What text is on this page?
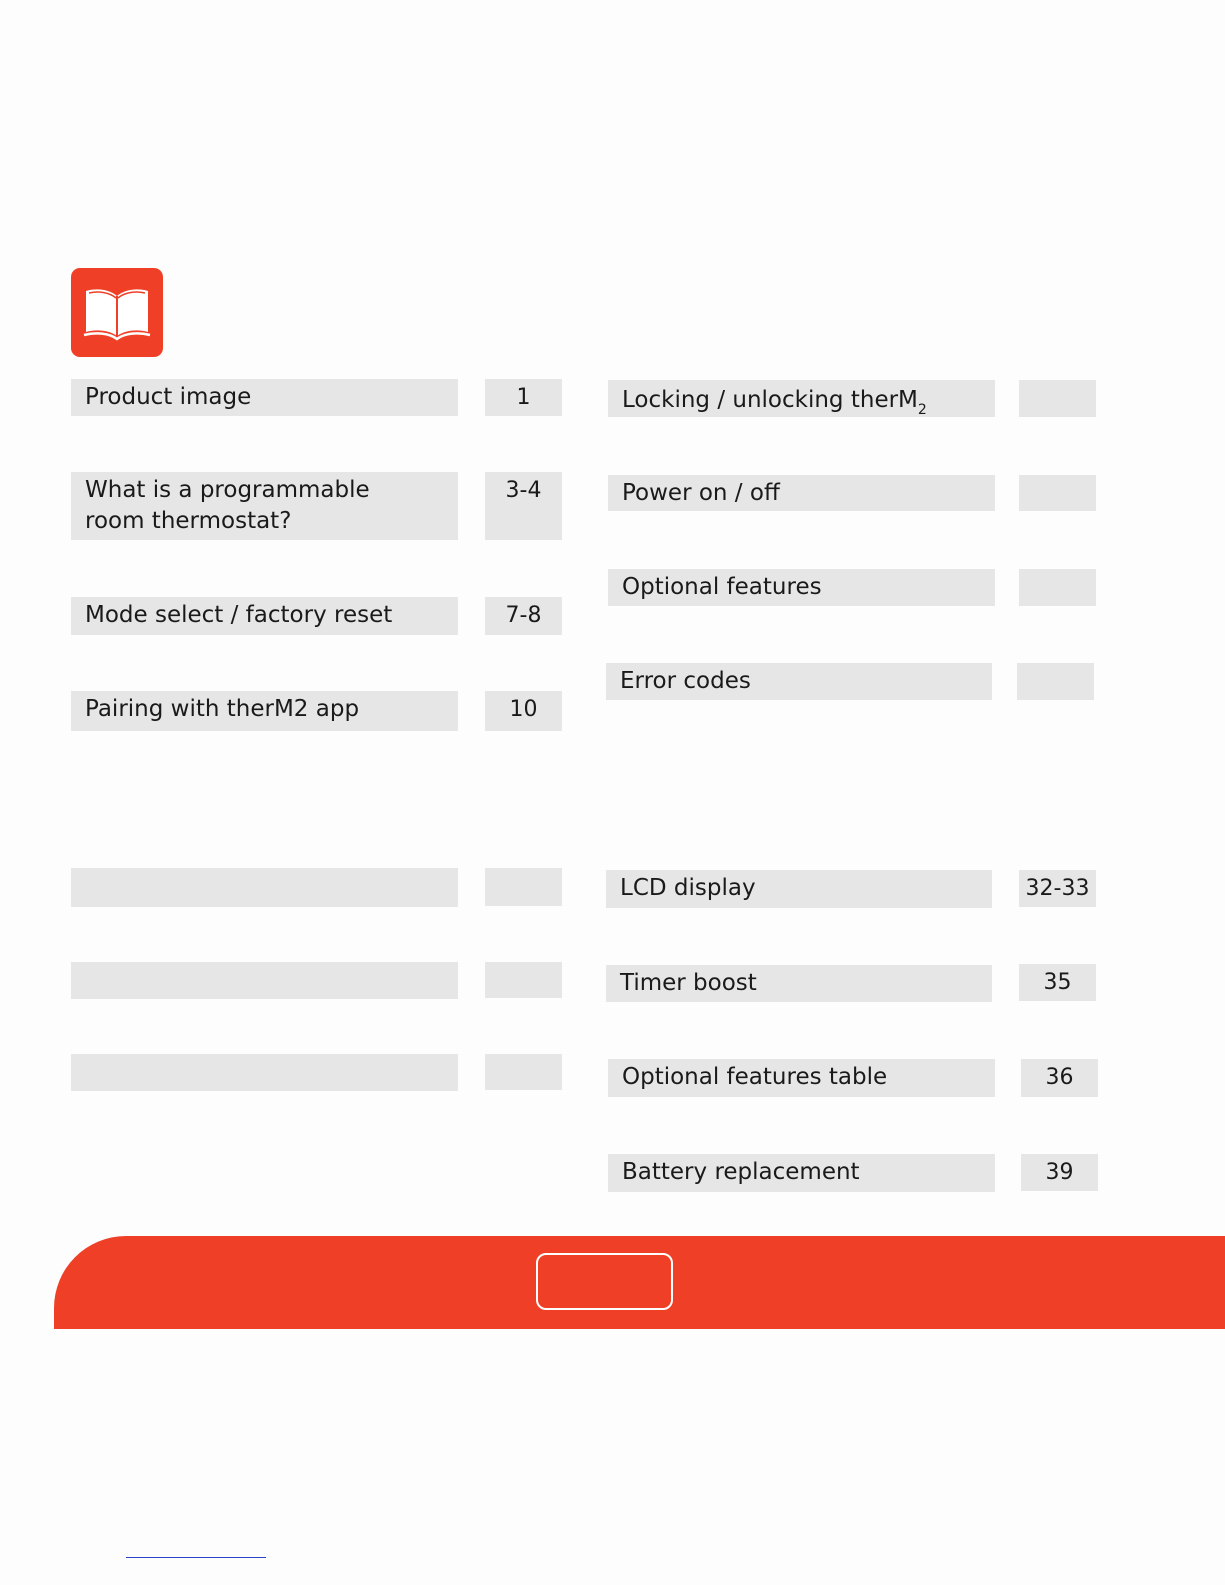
Product image	1
What is a programmable
room thermostat?
3-4
Mode select / factory reset	7-8
Pairing with therM2 app	10
Locking / unlocking therM$_2$
Power on / off
Optional features
Error codes
LCD display	32-33
Timer boost	35
Optional features table	36
Battery replacement	39
